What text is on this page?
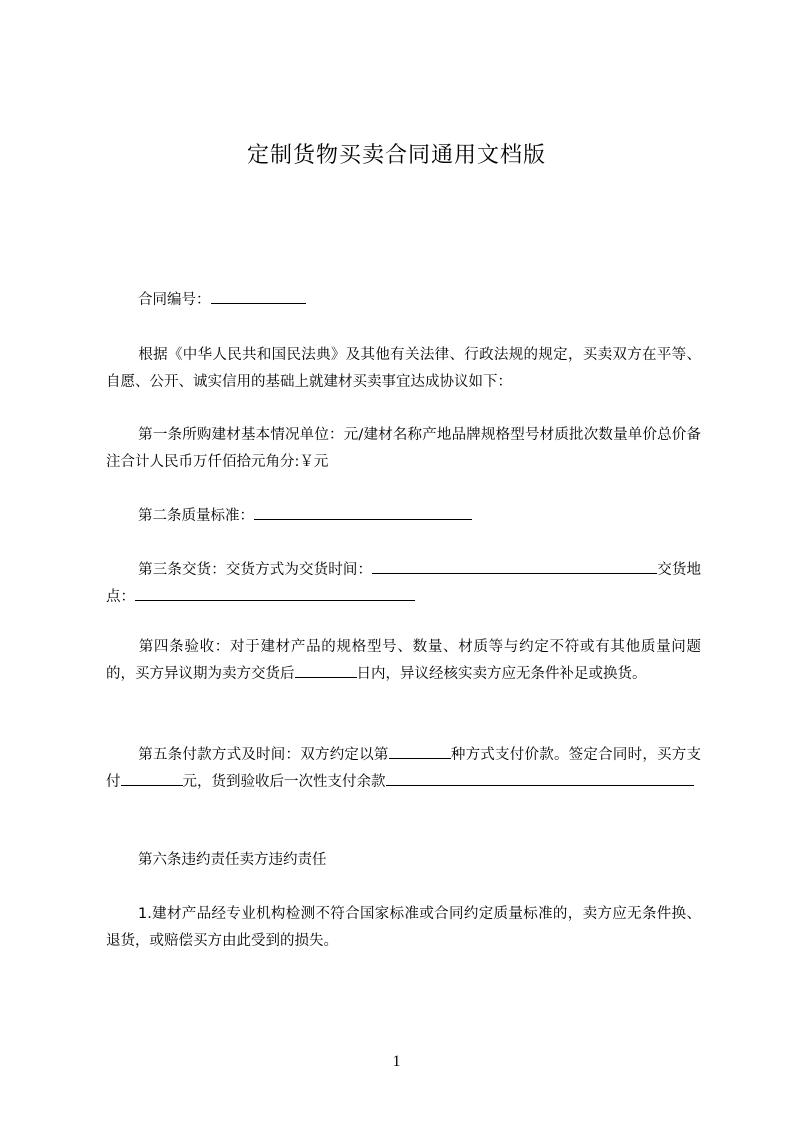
定制货物买卖合同通用文档版
合同编号：
根据《中华人民共和国民法典》及其他有关法律、行政法规的规定，买卖双方在平等、自愿、公开、诚实信用的基础上就建材买卖事宜达成协议如下：
第一条所购建材基本情况单位：元/建材名称产地品牌规格型号材质批次数量单价总价备注合计人民币万仟佰拾元角分:￥元
第二条质量标准：
第三条交货：交货方式为交货时间：	交货地点：
第四条验收：对于建材产品的规格型号、数量、材质等与约定不符或有其他质量问题的，买方异议期为卖方交货后	日内，异议经核实卖方应无条件补足或换货。
第五条付款方式及时间：双方约定以第	种方式支付价款。签定合同时，买方支付	元，货到验收后一次性支付余款
第六条违约责任卖方违约责任
1.建材产品经专业机构检测不符合国家标准或合同约定质量标准的，卖方应无条件换、退货，或赔偿买方由此受到的损失。
1
